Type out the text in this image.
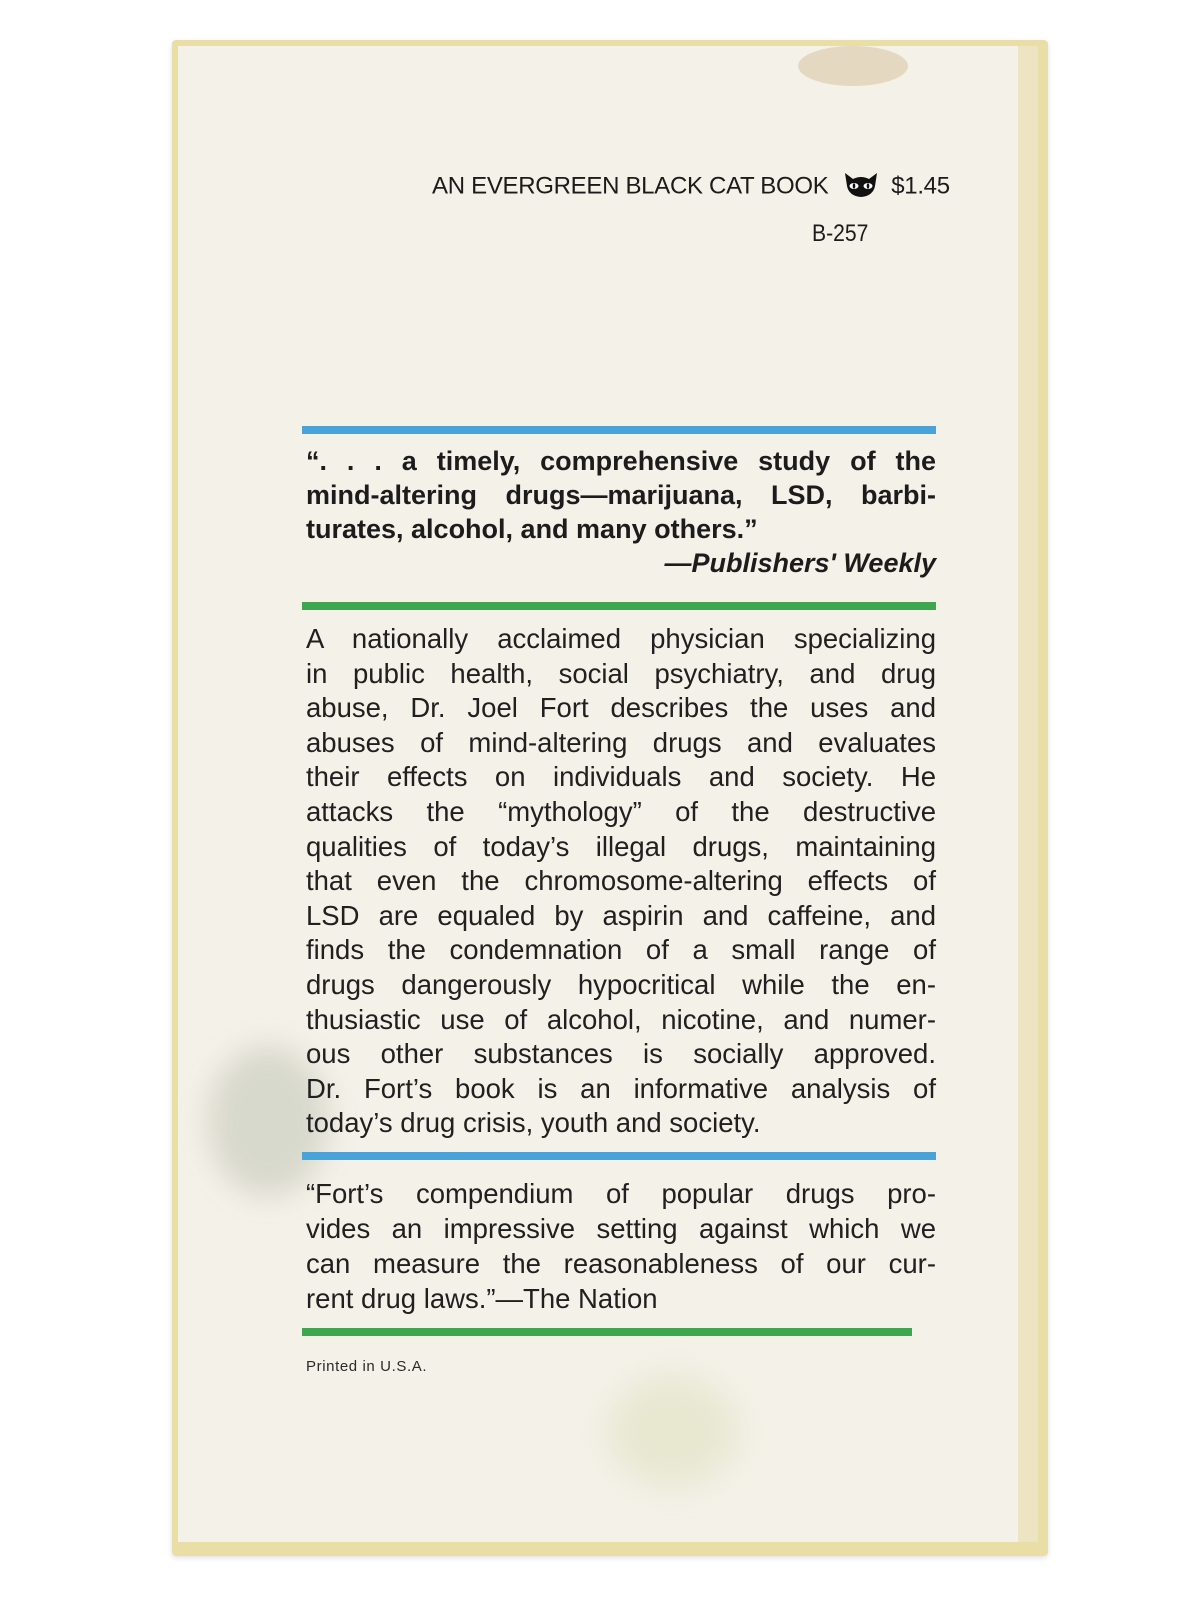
AN EVERGREEN BLACK CAT BOOK	$1.45
B-257
“. . . a timely, comprehensive study of the
mind-altering drugs—marijuana, LSD, barbi-
turates, alcohol, and many others.”
—Publishers' Weekly
A nationally acclaimed physician specializing
in public health, social psychiatry, and drug
abuse, Dr. Joel Fort describes the uses and
abuses of mind-altering drugs and evaluates
their effects on individuals and society. He
attacks the “mythology” of the destructive
qualities of today’s illegal drugs, maintaining
that even the chromosome-altering effects of
LSD are equaled by aspirin and caffeine, and
finds the condemnation of a small range of
drugs dangerously hypocritical while the en-
thusiastic use of alcohol, nicotine, and numer-
ous other substances is socially approved.
Dr. Fort’s book is an informative analysis of
today’s drug crisis, youth and society.
“Fort’s compendium of popular drugs pro-
vides an impressive setting against which we
can measure the reasonableness of our cur-
rent drug laws.”—The Nation
Printed in U.S.A.
